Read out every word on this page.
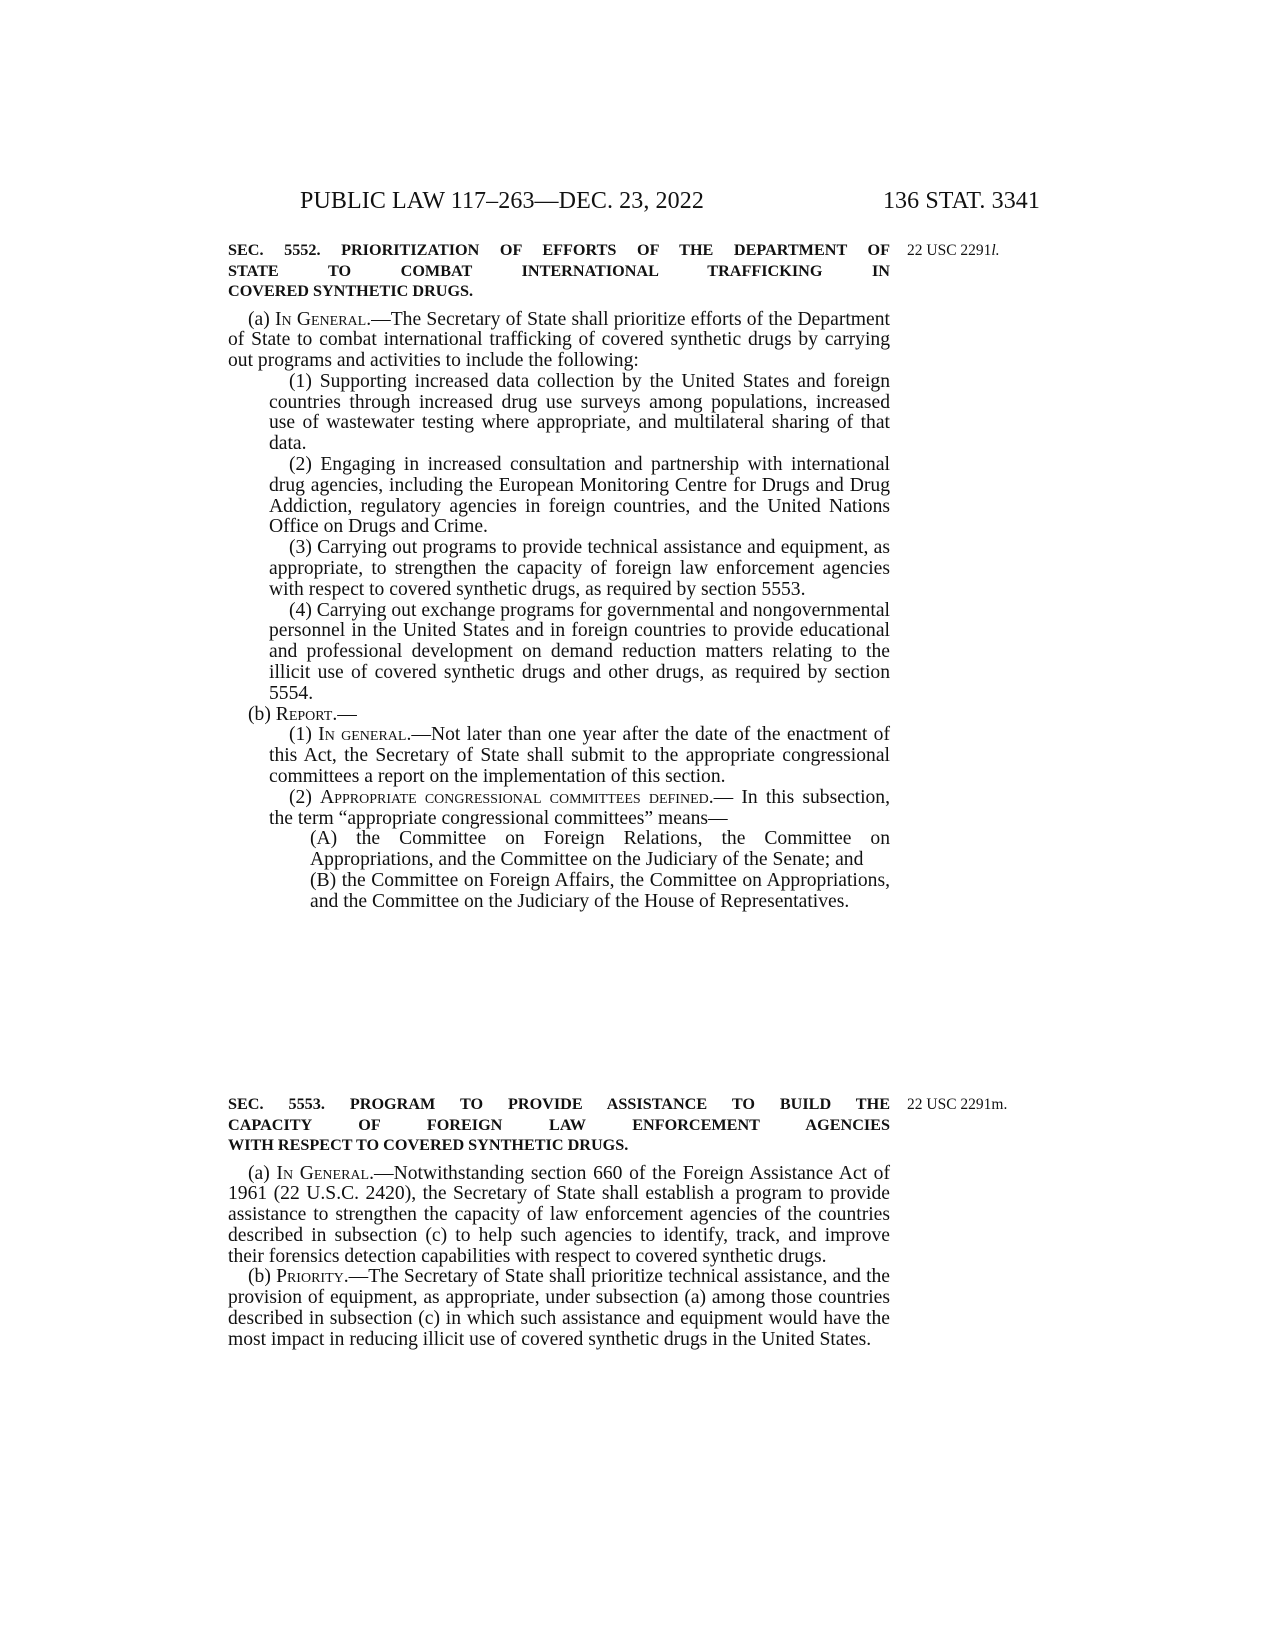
PUBLIC LAW 117–263—DEC. 23, 2022	136 STAT. 3341
22 USC 2291l.
SEC. 5552. PRIORITIZATION OF EFFORTS OF THE DEPARTMENT OF
STATE TO COMBAT INTERNATIONAL TRAFFICKING IN
COVERED SYNTHETIC DRUGS.

(a) In General.—The Secretary of State shall prioritize efforts of the Department of State to combat international trafficking of covered synthetic drugs by carrying out programs and activities to include the following:

(1) Supporting increased data collection by the United States and foreign countries through increased drug use surveys among populations, increased use of wastewater testing where appropriate, and multilateral sharing of that data.

(2) Engaging in increased consultation and partnership with international drug agencies, including the European Monitoring Centre for Drugs and Drug Addiction, regulatory agencies in foreign countries, and the United Nations Office on Drugs and Crime.

(3) Carrying out programs to provide technical assistance and equipment, as appropriate, to strengthen the capacity of foreign law enforcement agencies with respect to covered synthetic drugs, as required by section 5553.

(4) Carrying out exchange programs for governmental and nongovernmental personnel in the United States and in foreign countries to provide educational and professional development on demand reduction matters relating to the illicit use of covered synthetic drugs and other drugs, as required by section 5554.

(b) Report.—

(1) In general.—Not later than one year after the date of the enactment of this Act, the Secretary of State shall submit to the appropriate congressional committees a report on the implementation of this section.

(2) Appropriate congressional committees defined.— In this subsection, the term “appropriate congressional committees” means—

(A) the Committee on Foreign Relations, the Committee on Appropriations, and the Committee on the Judiciary of the Senate; and

(B) the Committee on Foreign Affairs, the Committee on Appropriations, and the Committee on the Judiciary of the House of Representatives.

22 USC 2291m.
SEC. 5553. PROGRAM TO PROVIDE ASSISTANCE TO BUILD THE
CAPACITY OF FOREIGN LAW ENFORCEMENT AGENCIES
WITH RESPECT TO COVERED SYNTHETIC DRUGS.

(a) In General.—Notwithstanding section 660 of the Foreign Assistance Act of 1961 (22 U.S.C. 2420), the Secretary of State shall establish a program to provide assistance to strengthen the capacity of law enforcement agencies of the countries described in subsection (c) to help such agencies to identify, track, and improve their forensics detection capabilities with respect to covered synthetic drugs.

(b) Priority.—The Secretary of State shall prioritize technical assistance, and the provision of equipment, as appropriate, under subsection (a) among those countries described in subsection (c) in which such assistance and equipment would have the most impact in reducing illicit use of covered synthetic drugs in the United States.
